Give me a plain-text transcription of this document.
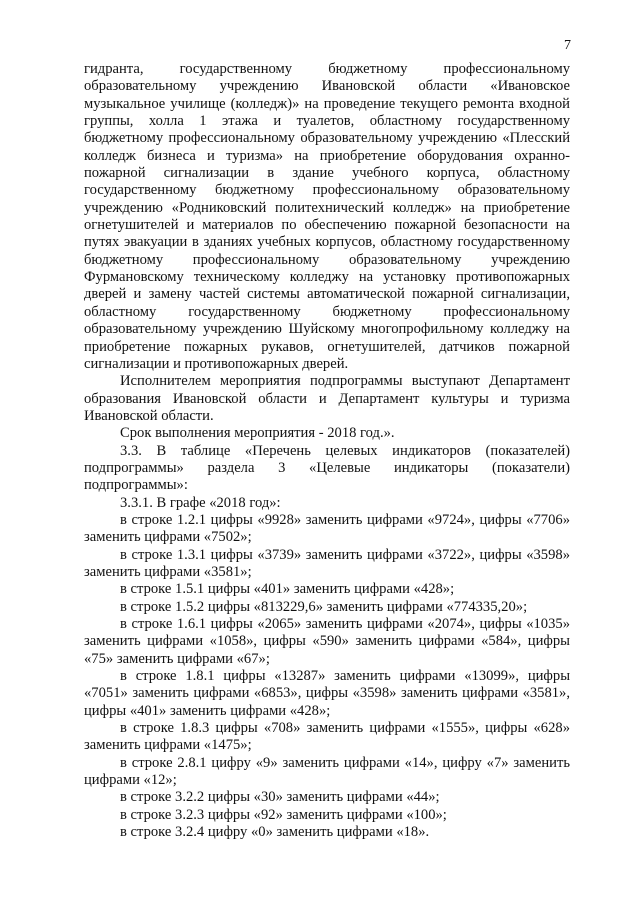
7

гидранта, государственному бюджетному профессиональному образовательному учреждению Ивановской области «Ивановское музыкальное училище (колледж)» на проведение текущего ремонта входной группы, холла 1 этажа и туалетов, областному государственному бюджетному профессиональному образовательному учреждению «Плесский колледж бизнеса и туризма» на приобретение оборудования охранно-пожарной сигнализации в здание учебного корпуса, областному государственному бюджетному профессиональному образовательному учреждению «Родниковский политехнический колледж» на приобретение огнетушителей и материалов по обеспечению пожарной безопасности на путях эвакуации в зданиях учебных корпусов, областному государственному бюджетному профессиональному образовательному учреждению Фурмановскому техническому колледжу на установку противопожарных дверей и замену частей системы автоматической пожарной сигнализации, областному государственному бюджетному профессиональному образовательному учреждению Шуйскому многопрофильному колледжу на приобретение пожарных рукавов, огнетушителей, датчиков пожарной сигнализации и противопожарных дверей.

Исполнителем мероприятия подпрограммы выступают Департамент образования Ивановской области и Департамент культуры и туризма Ивановской области.

Срок выполнения мероприятия - 2018 год.».

3.3. В таблице «Перечень целевых индикаторов (показателей) подпрограммы» раздела 3 «Целевые индикаторы (показатели) подпрограммы»:

3.3.1. В графе «2018 год»:

в строке 1.2.1 цифры «9928» заменить цифрами «9724», цифры «7706» заменить цифрами «7502»;

в строке 1.3.1 цифры «3739» заменить цифрами «3722», цифры «3598» заменить цифрами «3581»;

в строке 1.5.1 цифры «401» заменить цифрами «428»;

в строке 1.5.2 цифры «813229,6» заменить цифрами «774335,20»;

в строке 1.6.1 цифры «2065» заменить цифрами «2074», цифры «1035» заменить цифрами «1058», цифры «590» заменить цифрами «584», цифры «75» заменить цифрами «67»;

в строке 1.8.1 цифры «13287» заменить цифрами «13099», цифры «7051» заменить цифрами «6853», цифры «3598» заменить цифрами «3581», цифры «401» заменить цифрами «428»;

в строке 1.8.3 цифры «708» заменить цифрами «1555», цифры «628» заменить цифрами «1475»;

в строке 2.8.1 цифру «9» заменить цифрами «14», цифру «7» заменить цифрами «12»;

в строке 3.2.2 цифры «30» заменить цифрами «44»;

в строке 3.2.3 цифры «92» заменить цифрами «100»;

в строке 3.2.4 цифру «0» заменить цифрами «18».
